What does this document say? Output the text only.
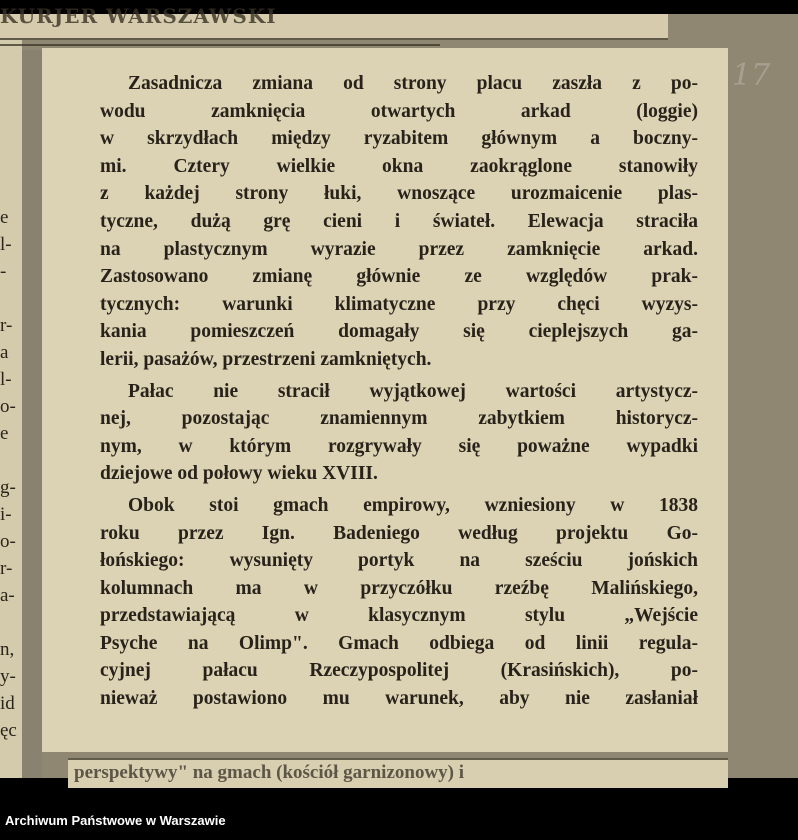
e
l-
-
r-
a
l-
o-
e
g-
i-
o-
r-
a-
n,
y-
id
ęc
KURJER WARSZAWSKI
Zasadnicza zmiana od strony placu zaszła z po-
wodu zamknięcia otwartych arkad (loggie)
w skrzydłach między ryzabitem głównym a boczny-
mi. Cztery wielkie okna zaokrąglone stanowiły
z każdej strony łuki, wnoszące urozmaicenie plas-
tyczne, dużą grę cieni i świateł. Elewacja straciła
na plastycznym wyrazie przez zamknięcie arkad.
Zastosowano zmianę głównie ze względów prak-
tycznych: warunki klimatyczne przy chęci wyzys-
kania pomieszczeń domagały się cieplejszych ga-
lerii, pasażów, przestrzeni zamkniętych.
Pałac nie stracił wyjątkowej wartości artystycz-
nej, pozostając znamiennym zabytkiem historycz-
nym, w którym rozgrywały się poważne wypadki
dziejowe od połowy wieku XVIII.
Obok stoi gmach empirowy, wzniesiony w 1838
roku przez Ign. Badeniego według projektu Go-
łońskiego: wysunięty portyk na sześciu jońskich
kolumnach ma w przyczółku rzeźbę Malińskiego,
przedstawiającą w klasycznym stylu „Wejście
Psyche na Olimp". Gmach odbiega od linii regula-
cyjnej pałacu Rzeczypospolitej (Krasińskich), po-
nieważ postawiono mu warunek, aby nie zasłaniał
perspektywy" na gmach (kościół garnizonowy) i
17
Archiwum Państwowe w Warszawie
